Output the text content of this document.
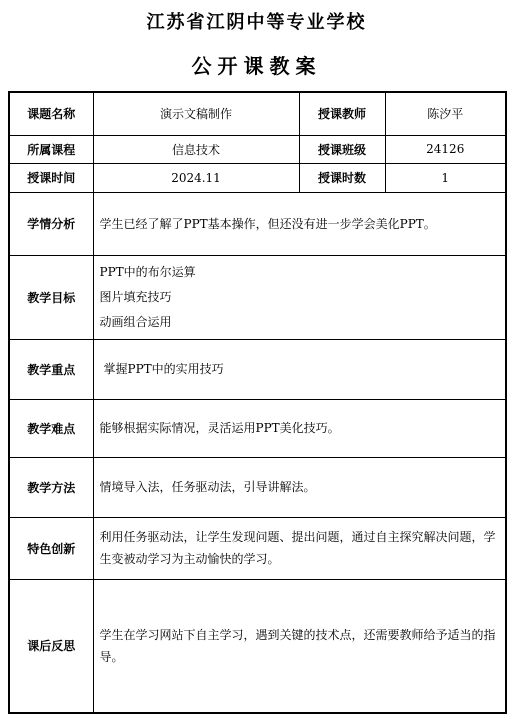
江苏省江阴中等专业学校
公开课教案
课题名称	演示文稿制作	授课教师	陈汐平
所属课程	信息技术	授课班级	24126
授课时间	2024.11	授课时数	1
学情分析	学生已经了解了PPT基本操作，但还没有进一步学会美化PPT。		
教学目标	PPT中的布尔运算
图片填充技巧
动画组合运用		

教学重点	掌握PPT中的实用技巧		
教学难点	能够根据实际情况，灵活运用PPT美化技巧。		
教学方法	情境导入法，任务驱动法，引导讲解法。		
特色创新	利用任务驱动法，让学生发现问题、提出问题，通过自主探究解决问题，学生变被动学习为主动愉快的学习。		
课后反思	学生在学习网站下自主学习，遇到关键的技术点，还需要教师给予适当的指导。		
